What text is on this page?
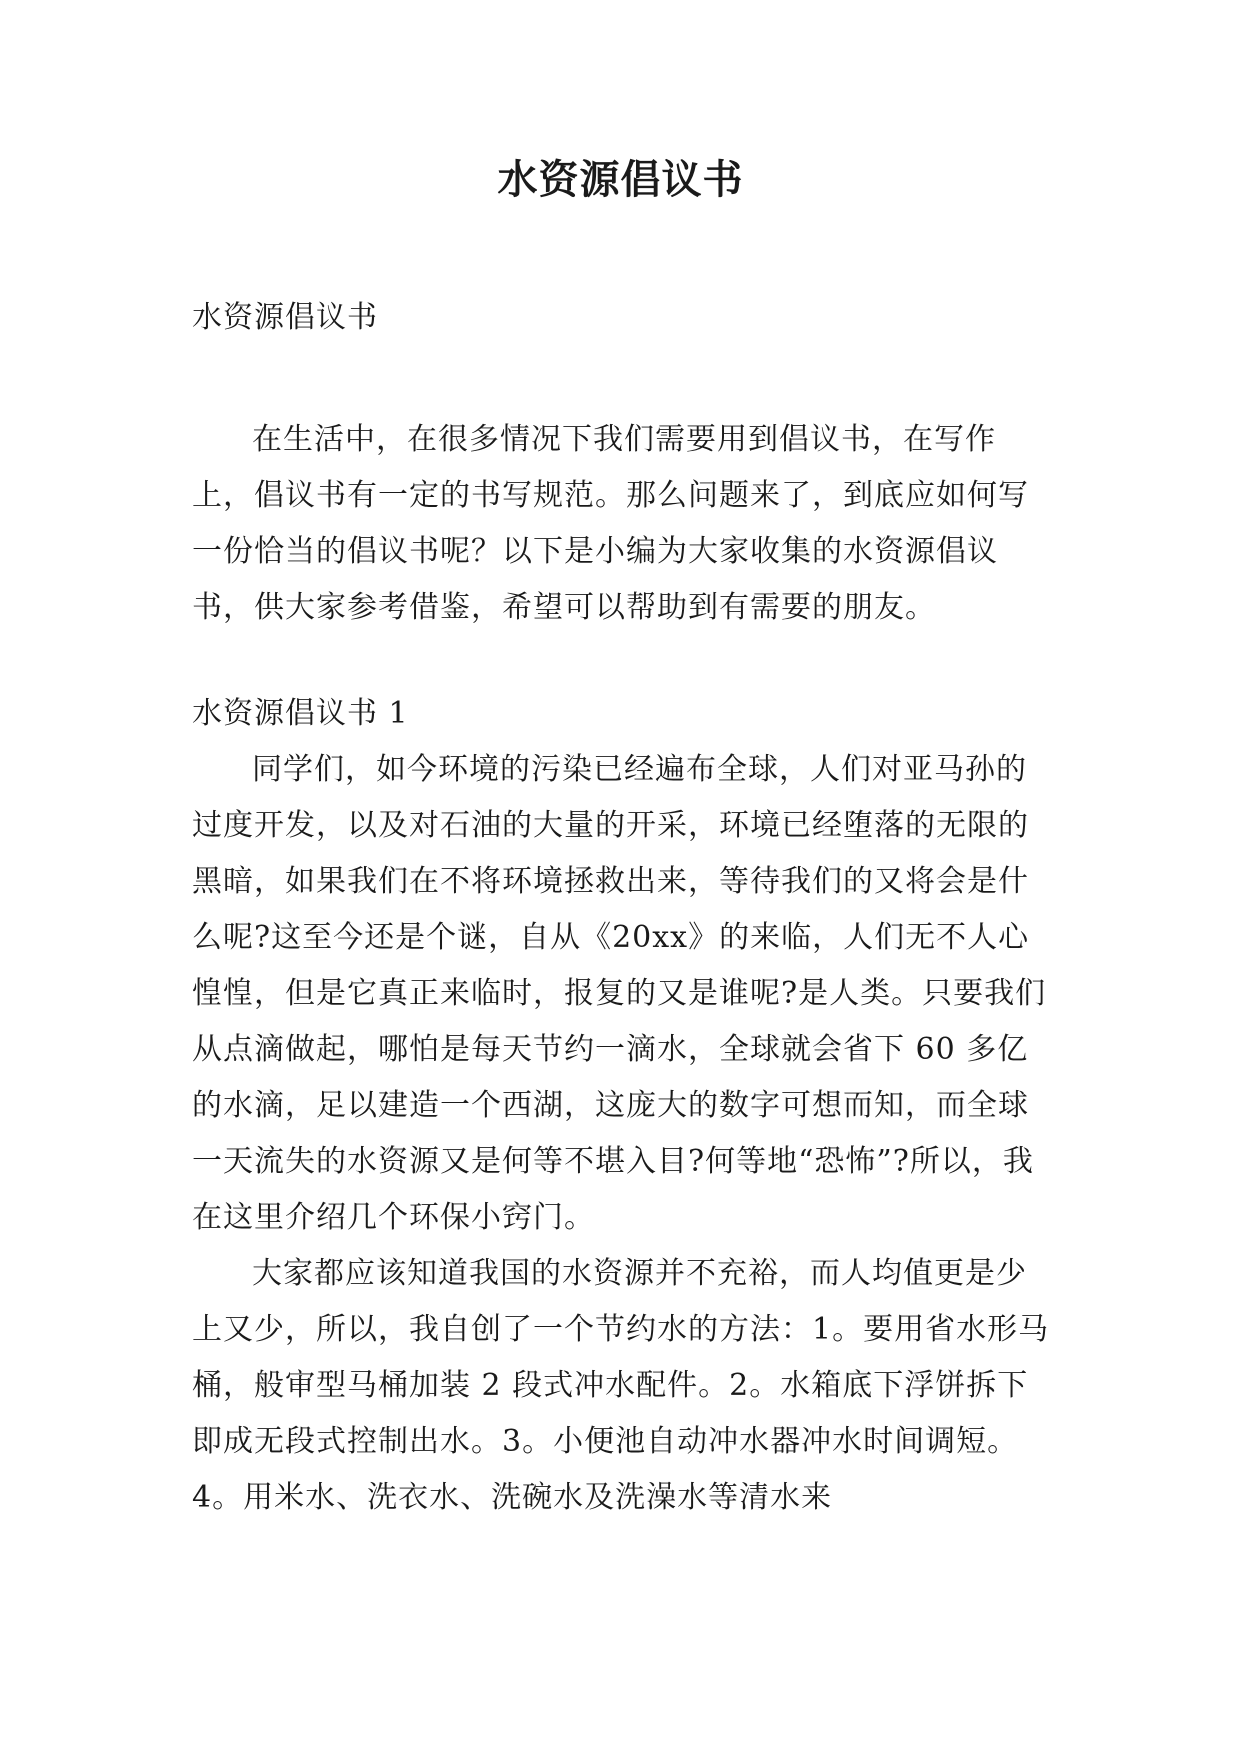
水资源倡议书

水资源倡议书

在生活中，在很多情况下我们需要用到倡议书，在写作上，倡议书有一定的书写规范。那么问题来了，到底应如何写一份恰当的倡议书呢？以下是小编为大家收集的水资源倡议书，供大家参考借鉴，希望可以帮助到有需要的朋友。

水资源倡议书 1

同学们，如今环境的污染已经遍布全球，人们对亚马孙的过度开发，以及对石油的大量的开采，环境已经堕落的无限的黑暗，如果我们在不将环境拯救出来，等待我们的又将会是什么呢?这至今还是个谜，自从《20xx》的来临，人们无不人心惶惶，但是它真正来临时，报复的又是谁呢?是人类。只要我们从点滴做起，哪怕是每天节约一滴水，全球就会省下 60 多亿的水滴，足以建造一个西湖，这庞大的数字可想而知，而全球一天流失的水资源又是何等不堪入目?何等地“恐怖”?所以，我在这里介绍几个环保小窍门。

大家都应该知道我国的水资源并不充裕，而人均值更是少上又少，所以，我自创了一个节约水的方法：1。要用省水形马桶，般审型马桶加装 2 段式冲水配件。2。水箱底下浮饼拆下即成无段式控制出水。3。小便池自动冲水器冲水时间调短。4。用米水、洗衣水、洗碗水及洗澡水等清水来
